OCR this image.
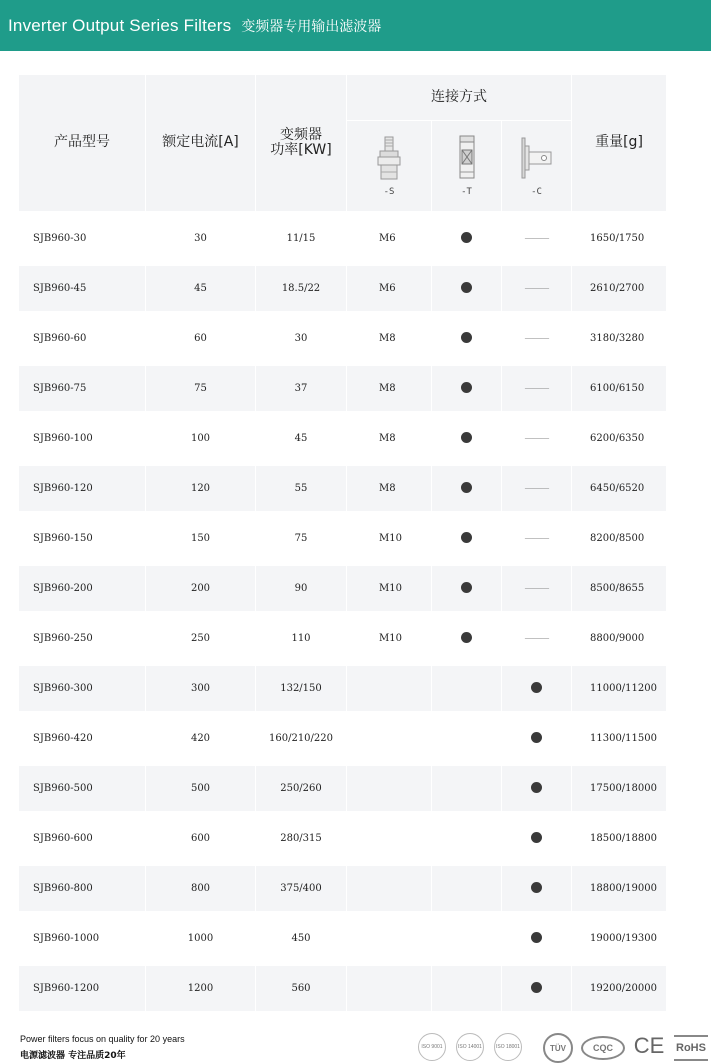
Inverter Output Series Filters 变频器专用输出滤波器
产品型号	额定电流[A]	变频器
功率[KW]	连接方式			重量[g]

			-S	-T	-C	

SJB960-30	30	11/15	M6		———	1650/1750
SJB960-45	45	18.5/22	M6		———	2610/2700
SJB960-60	60	30	M8		———	3180/3280
SJB960-75	75	37	M8		———	6100/6150
SJB960-100	100	45	M8		———	6200/6350
SJB960-120	120	55	M8		———	6450/6520
SJB960-150	150	75	M10		———	8200/8500
SJB960-200	200	90	M10		———	8500/8655
SJB960-250	250	110	M10		———	8800/9000
SJB960-300	300	132/150				11000/11200
SJB960-420	420	160/210/220				11300/11500
SJB960-500	500	250/260				17500/18000
SJB960-600	600	280/315				18500/18800
SJB960-800	800	375/400				18800/19000
SJB960-1000	1000	450				19000/19300
SJB960-1200	1200	560				19200/20000
Power filters focus on quality for 20 years
电源滤波器 专注品质20年
ISO 9001	ISO 14001	ISO 18001	TÜV	CQC CE RoHS
